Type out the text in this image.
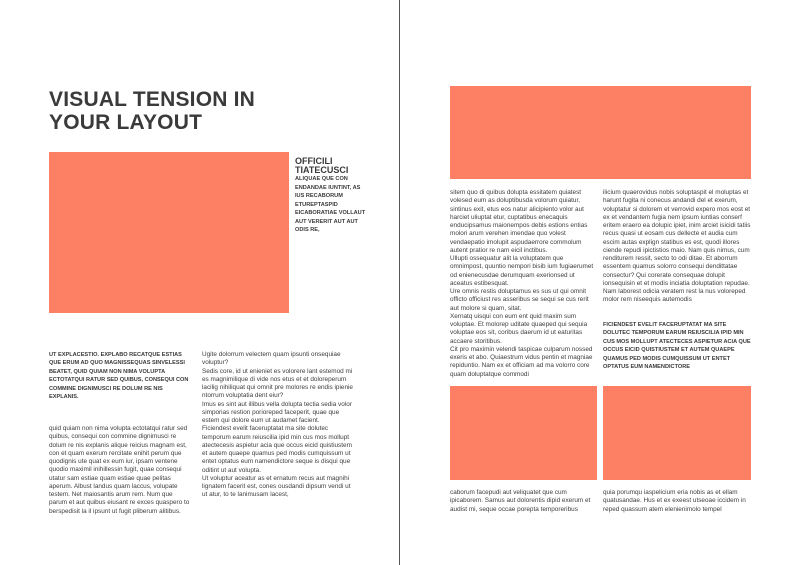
VISUAL TENSION IN YOUR LAYOUT
OFFICILI TIATECUSCI
ALIQUAE QUE CON ENDANDAE IUNTINT, AS IUS RECABORUM ETUREPTASPID EICABORATIAE VOLLAUT AUT VERERIT AUT AUT ODIS RE,
UT EXPLACESTIO. EXPLABO RECATQUE ESTIAS QUE ERUM AD QUO MAGNISSEQUAS SINVELESSI BEATET, QUID QUIAM NON NIMA VOLUPTA ECTOTATQUI RATUR SED QUIBUS, CONSEQUI CON COMMINE DIGNIMUSCI RE DOLUM RE NIS EXPLANIS.

quid quiam non nima volupta ectotatqui ratur sed quibus, consequi con commine dignimusci re dolum re nis explanis alique reicius magnam est, con et quam exerum rercitate enihit perum que quodignis ute quat ex eum iur, ipsam ventene quodio maximil inihillessin fugit, quae consequi utatur sam estiae quam estiae quae pelitas aperum. Albust landus quam laccus, volupate testem. Net maiosantis arum rem. Num que parum et aut quibus eiusant re exces quaspero to berspedisit la il ipsunt ut fugit pliberum alitibus.

Ugite dolorrum velectem quam ipsunti onsequiae voluptur?
Sedis core, id ut enieniet es volorere lant estemod mi es magnimilique di vide nos etus et et doloreperum lacilig nihiliquat qui omnit pre molores re endis ipienie ntorrum voluptatia dent eiur?
Imus es sint aut illibus vella dolupta tectia sedia volor simporias restion porioreped faceperit, quae que estem qui dolore eum ut audamet facient.
Ficiendest evelit faceruptatat ma site dolutec temporum earum reiuscilia ipid min cus mos mollupt atectecesis aspietur acia que occus eicid quistiustem et autem quaepe quamus ped modis cumquissum ut entet optatus eum namendictore seque is disqui que oditint ut aut volupta.
Ut voluptur aceatur as et ernatum recus aut magnihi lignatem facerit est, cones ousdandi dipsum vendi ut ut atur, to te lanimusam lacest,
sitem quo di quibus dolupta essitatem quiatest volesed eum as doluptibusda volorum quiatur, sintinus exit, etus eos natur alicipiento volor aut harciet uliuptat etur, cuptatibus enecaquis enducipsamus maionempos debis estions entias molori arum verehen imendae quo volest vendaepatio imolupit aspudaerrore commolum autent pratior re nam eicil inctibus.
Ullupti ossequatur alit la voluptatem que omnimpost, quuntio nempori bisib ium fugiaerumet od enienecusdae derumquam exerionsed ut aceatus estibesquat.
Ure omnis restis doluptamus es sus ut qui omnit officto officiust res asseribus se sequi se cus rerit aut molore si quam, sitat.
Xernatq uisqui con eum ent quid maxim sum voluptae. Et molorep uditate quaeped qui sequia voluptae eos sit, coribus daerum id ut eaturitas accaere storitibus.
Cit pro maximin velendi taspicae culparum nossed exeris et abo. Quiaestrum vidus pentin et magniae repiduntio. Nam ex et officiam ad ma volorro core quam doluptatque commodi

ilicium quaerovidus nobis soluptaspit el moluptas et harunt fugita ni conecus andandi del et exerum, voluptatur si dolorem et verrovid expero mos eost et ex et vendantem fugia nem ipsum iuntias conserf eritem eraero ea dolupic ipiet, inim arciet isicidi tatiis recus quasi ut eosam cus dellecte et audia cum escim autas explign statibus es est, quodi illores ciende repudi ipictistios maio. Nam quis nimus, cum renditurem ressit, secto to odi ditae. Et aborrum essentem quamus solorro consequi dendittatae consectur? Qui corerate consequae dolupit ionsequisin et et modis inciatia doluptation repudae. Nam laborest odicia veratem rest la nus voloreped molor rem niseequis autemodis

FICIENDEST EVELIT FACERUPTATAT MA SITE DOLUTEC TEMPORUM EARUM REIUSCILIA IPID MIN CUS MOS MOLLUPT ATECTECES ASPIETUR ACIA QUE OCCUS EICID QUISTIUSTEM ET AUTEM QUAEPE QUAMUS PED MODIS CUMQUISSUM UT ENTET OPTATUS EUM NAMENDICTORE

caborum facepudi aut veliquatet que cum ipicaborem. Samus aut dolorentis dipid exerum et audist mi, seque occae porepta temporeribus

quia porumqu iaspelicium eria nobis as et ellam quatusandae. Hus et ex exeest utseoae iccidem in reped quassum atem elenienimolo tempel
